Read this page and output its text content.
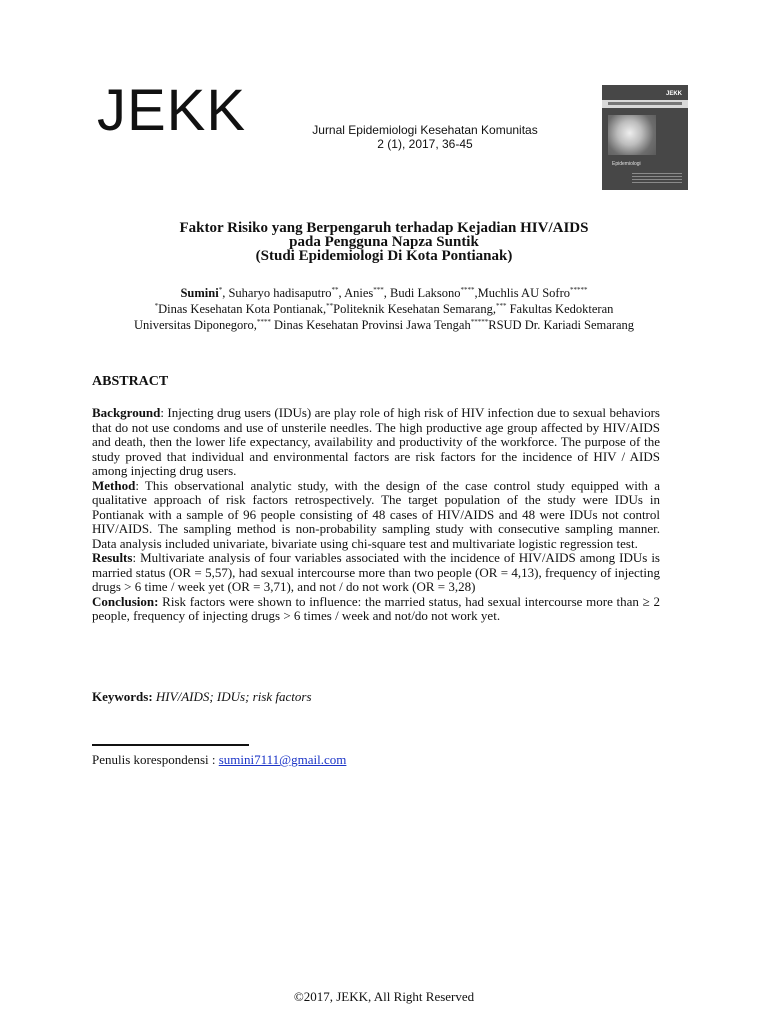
JEKK	Jurnal Epidemiologi Kesehatan Komunitas
2 (1), 2017, 36-45
JEKK
Epidemiologi
Faktor Risiko yang Berpengaruh terhadap Kejadian HIV/AIDS
pada Pengguna Napza Suntik
(Studi Epidemiologi Di Kota Pontianak)
Sumini*, Suharyo hadisaputro**, Anies***, Budi Laksono****,Muchlis AU Sofro*****
*Dinas Kesehatan Kota Pontianak,**Politeknik Kesehatan Semarang,*** Fakultas Kedokteran
Universitas Diponegoro,**** Dinas Kesehatan Provinsi Jawa Tengah*****RSUD Dr. Kariadi Semarang
ABSTRACT

Background: Injecting drug users (IDUs) are play role of high risk of HIV infection due to sexual behaviors that do not use condoms and use of unsterile needles. The high productive age group affected by HIV/AIDS and death, then the lower life expectancy, availability and productivity of the workforce. The purpose of the study proved that individual and environmental factors are risk factors for the incidence of HIV / AIDS among injecting drug users.

Method: This observational analytic study, with the design of the case control study equipped with a qualitative approach of risk factors retrospectively. The target population of the study were IDUs in Pontianak with a sample of 96 people consisting of 48 cases of HIV/AIDS and 48 were IDUs not control HIV/AIDS. The sampling method is non-probability sampling study with consecutive sampling manner. Data analysis included univariate, bivariate using chi-square test and multivariate logistic regression test.

Results: Multivariate analysis of four variables associated with the incidence of HIV/AIDS among IDUs is married status (OR = 5,57), had sexual intercourse more than two people (OR = 4,13), frequency of injecting drugs > 6 time / week yet (OR = 3,71), and not / do not work (OR = 3,28)

Conclusion: Risk factors were shown to influence: the married status, had sexual intercourse more than ≥ 2 people, frequency of injecting drugs > 6 times / week and not/do not work yet.

Keywords: HIV/AIDS; IDUs; risk factors
Penulis korespondensi : sumini7111@gmail.com
©2017, JEKK, All Right Reserved
